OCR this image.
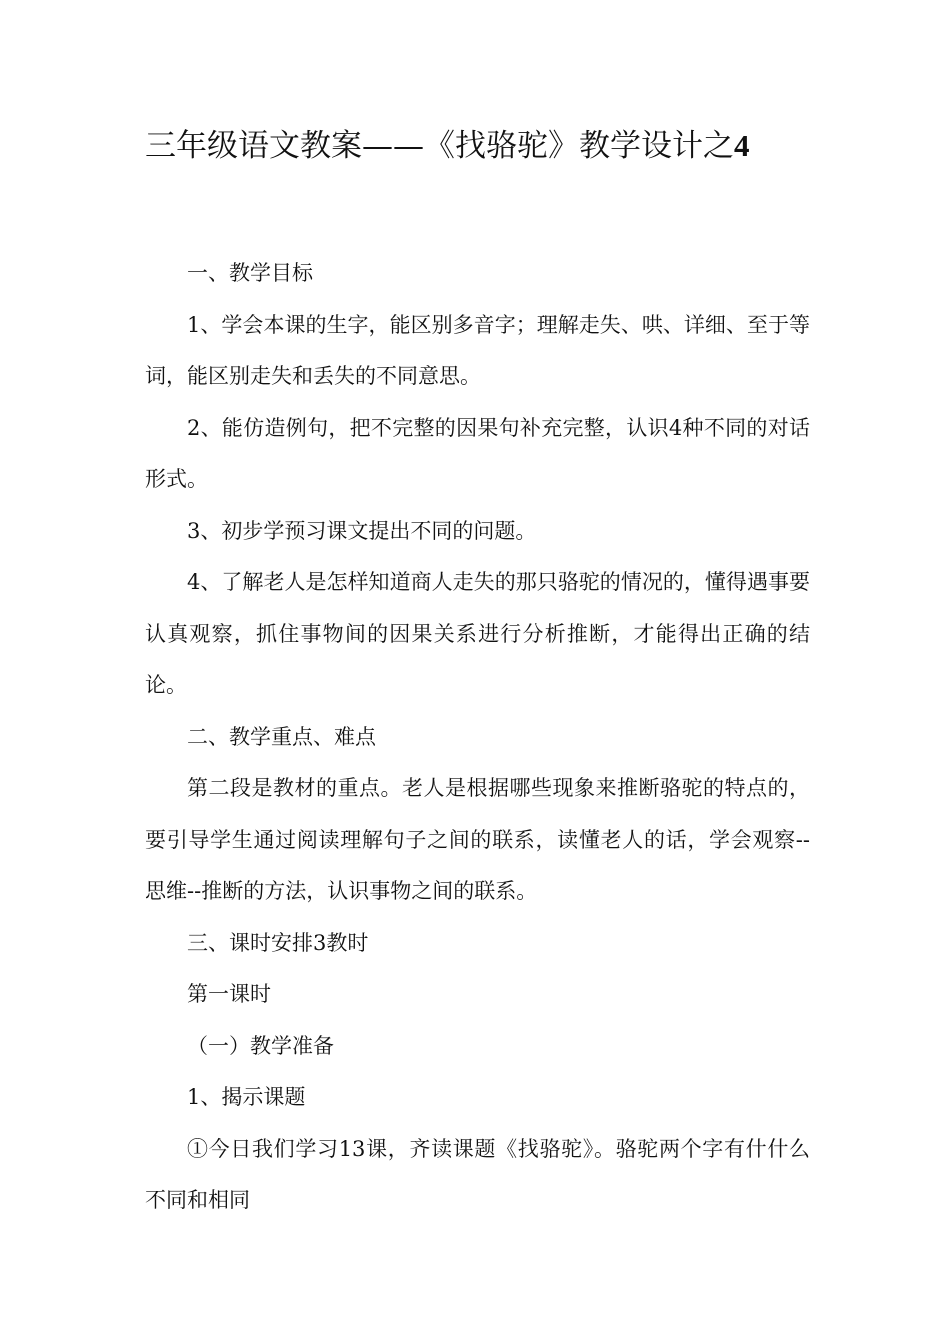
三年级语文教案——《找骆驼》教学设计之4

一、教学目标

1、学会本课的生字，能区别多音字；理解走失、哄、详细、至于等词，能区别走失和丢失的不同意思。

2、能仿造例句，把不完整的因果句补充完整，认识4种不同的对话形式。

3、初步学预习课文提出不同的问题。

4、了解老人是怎样知道商人走失的那只骆驼的情况的，懂得遇事要认真观察，抓住事物间的因果关系进行分析推断，才能得出正确的结论。

二、教学重点、难点

第二段是教材的重点。老人是根据哪些现象来推断骆驼的特点的，要引导学生通过阅读理解句子之间的联系，读懂老人的话，学会观察--思维--推断的方法，认识事物之间的联系。

三、课时安排3教时

第一课时

（一）教学准备

1、揭示课题

①今日我们学习13课，齐读课题《找骆驼》。骆驼两个字有什什么不同和相同
